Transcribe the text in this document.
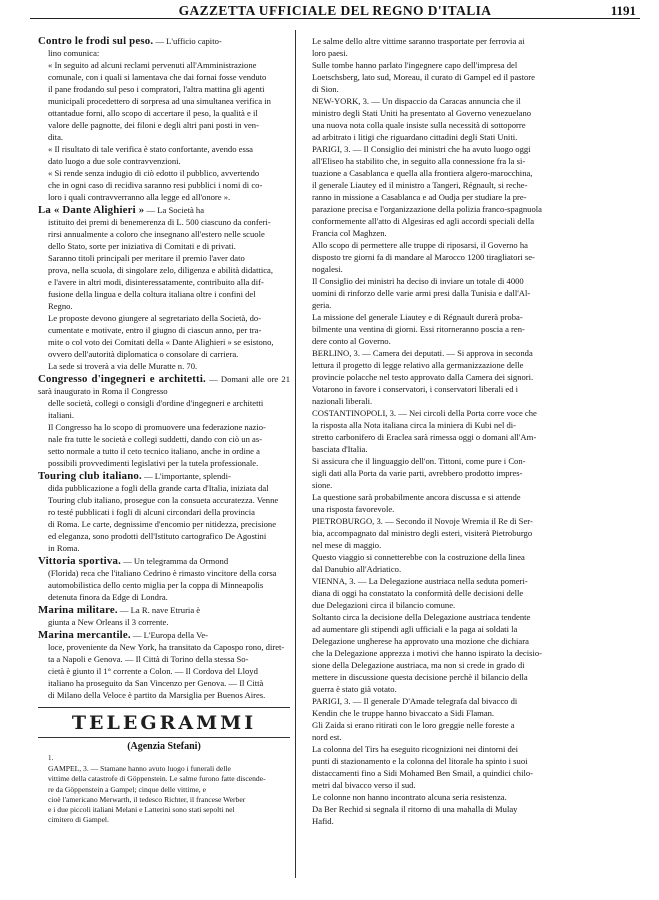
GAZZETTA UFFICIALE DEL REGNO D'ITALIA	1191
Contro le frodi sul peso. — L'ufficio capito-
lino comunica:
« In seguito ad alcuni reclami pervenuti all'Amministrazione
comunale, con i quali si lamentava che dai fornai fosse venduto
il pane frodando sul peso i compratori, l'altra mattina gli agenti
municipali procedettero di sorpresa ad una simultanea verifica in
ottantadue forni, allo scopo di accertare il peso, la qualità e il
valore delle pagnotte, dei filoni e degli altri pani posti in ven-
dita.
« Il risultato di tale verifica è stato confortante, avendo essa
dato luogo a due sole contravvenzioni.
« Si rende senza indugio di ciò edotto il pubblico, avvertendo
che in ogni caso di recidiva saranno resi pubblici i nomi di co-
loro i quali contravverranno alla legge ed all'onore ».
La « Dante Alighieri » — La Società ha
istituito dei premi di benemerenza di L. 500 ciascuno da conferi-
rirsi annualmente a coloro che insegnano all'estero nelle scuole
dello Stato, sorte per iniziativa di Comitati e di privati.
Saranno titoli principali per meritare il premio l'aver dato
prova, nella scuola, di singolare zelo, diligenza e abilità didattica,
e l'avere in altri modi, disinteressatamente, contribuito alla dif-
fusione della lingua e della coltura italiana oltre i confini del
Regno.
Le proposte devono giungere al segretariato della Società, do-
cumentate e motivate, entro il giugno di ciascun anno, per tra-
mite o col voto dei Comitati della « Dante Alighieri » se esistono,
ovvero dell'autorità diplomatica o consolare di carriera.
La sede si troverà a via delle Muratte n. 70.
Congresso d'ingegneri e architetti. — Domani alle ore 21 sarà inaugurato in Roma il Congresso
delle società, collegi o consigli d'ordine d'ingegneri e architetti
italiani.
Il Congresso ha lo scopo di promuovere una federazione nazio-
nale fra tutte le società e collegi suddetti, dando con ciò un as-
setto normale a tutto il ceto tecnico italiano, anche in ordine a
possibili provvedimenti legislativi per la tutela professionale.
Touring club italiano. — L'importante, splendi-
dida pubblicazione a fogli della grande carta d'Italia, iniziata dal
Touring club italiano, prosegue con la consueta accuratezza. Venne
ro testé pubblicati i fogli di alcuni circondari della provincia
di Roma. Le carte, degnissime d'encomio per nitidezza, precisione
ed eleganza, sono prodotti dell'Istituto cartografico De Agostini
in Roma.
Vittoria sportiva. — Un telegramma da Ormond
(Florida) reca che l'italiano Cedrino è rimasto vincitore della corsa
automobilistica dello cento miglia per la coppa di Minneapolis
detenuta finora da Edge di Londra.
Marina militare. — La R. nave Etruria è
giunta a New Orleans il 3 corrente.
Marina mercantile. — L'Europa della Ve-
loce, proveniente da New York, ha transitato da Capospo rono, diret-
ta a Napoli e Genova. — Il Città di Torino della stessa So-
cietà è giunto il 1° corrente a Colon. — Il Cordova del Lloyd
italiano ha proseguito da San Vincenzo per Genova. — Il Città
di Milano della Veloce è partito da Marsiglia per Buenos Aires.
TELEGRAMMI
(Agenzia Stefani)
1.
GAMPEL, 3. — Stamane hanno avuto luogo i funerali delle
vittime della catastrofe di Göppenstein. Le salme furono fatte discende-
re da Göppenstein a Gampel; cinque delle vittime, e
cioè l'americano Merwarth, il tedesco Richter, il francese Werber
e i due piccoli italiani Melani e Latterini sono stati sepolti nel
cimitero di Gampel.
Le salme dello altre vittime saranno trasportate per ferrovia ai
loro paesi.
Sulle tombe hanno parlato l'ingegnere capo dell'impresa del
Loetschsberg, lato sud, Moreau, il curato di Gampel ed il pastore
di Sion.
NEW-YORK, 3. — Un dispaccio da Caracas annuncia che il
ministro degli Stati Uniti ha presentato al Governo venezuelano
una nuova nota colla quale insiste sulla necessità di sottoporre
ad arbitrato i litigi che riguardano cittadini degli Stati Uniti.
PARIGI, 3. — Il Consiglio dei ministri che ha avuto luogo oggi
all'Eliseo ha stabilito che, in seguito alla connessione fra la si-
tuazione a Casablanca e quella alla frontiera algero-marocchina,
il generale Liautey ed il ministro a Tangeri, Régnault, si reche-
ranno in missione a Casablanca e ad Oudja per studiare la pre-
parazione precisa e l'organizzazione della polizia franco-spagnuola
conformemente all'atto di Algesiras ed agli accordi speciali della
Francia col Maghzen.
Allo scopo di permettere alle truppe di riposarsi, il Governo ha
disposto tre giorni fa di mandare al Marocco 1200 tiragliatori se-
nogalesi.
Il Consiglio dei ministri ha deciso di inviare un totale di 4000
uomini di rinforzo delle varie armi presi dalla Tunisia e dall'Al-
geria.
La missione del generale Liautey e di Régnault durerà proba-
bilmente una ventina di giorni. Essi ritorneranno poscia a ren-
dere conto al Governo.
BERLINO, 3. — Camera dei deputati. — Si approva in seconda
lettura il progetto di legge relativo alla germanizzazione delle
provincie polacche nel testo approvato dalla Camera dei signori.
Votarono in favore i conservatori, i conservatori liberali ed i
nazionali liberali.
COSTANTINOPOLI, 3. — Nei circoli della Porta corre voce che
la risposta alla Nota italiana circa la miniera di Kubi nel di-
stretto carbonifero di Eraclea sarà rimessa oggi o domani all'Am-
basciata d'Italia.
Si assicura che il linguaggio dell'on. Tittoni, come pure i Con-
sigli dati alla Porta da varie parti, avrebbero prodotto impres-
sione.
La questione sarà probabilmente ancora discussa e si attende
una risposta favorevole.
PIETROBURGO, 3. — Secondo il Novoje Wremia il Re di Ser-
bia, accompagnato dal ministro degli esteri, visiterà Pietroburgo
nel mese di maggio.
Questo viaggio si connetterebbe con la costruzione della linea
dal Danubio all'Adriatico.
VIENNA, 3. — La Delegazione austriaca nella seduta pomeri-
diana di oggi ha constatato la conformità delle decisioni delle
due Delegazioni circa il bilancio comune.
Soltanto circa la decisione della Delegazione austriaca tendente
ad aumentare gli stipendi agli ufficiali e la paga ai soldati la
Delegazione ungherese ha approvato una mozione che dichiara
che la Delegazione apprezza i motivi che hanno ispirato la decisio-
sione della Delegazione austriaca, ma non si crede in grado di
mettere in discussione questa decisione perchè il bilancio della
guerra è stato già votato.
PARIGI, 3. — Il generale D'Amade telegrafa dal bivacco di
Kendin che le truppe hanno bivaccato a Sidi Flaman.
Gli Zaida si erano ritirati con le loro greggie nelle foreste a
nord est.
La colonna del Tirs ha eseguito ricognizioni nei dintorni dei
punti di stazionamento e la colonna del litorale ha spinto i suoi
distaccamenti fino a Sidi Mohamed Ben Smail, a quindici chilo-
metri dal bivacco verso il sud.
Le colonne non hanno incontrato alcuna seria resistenza.
Da Ber Rechid si segnala il ritorno di una mahalla di Mulay
Hafid.
